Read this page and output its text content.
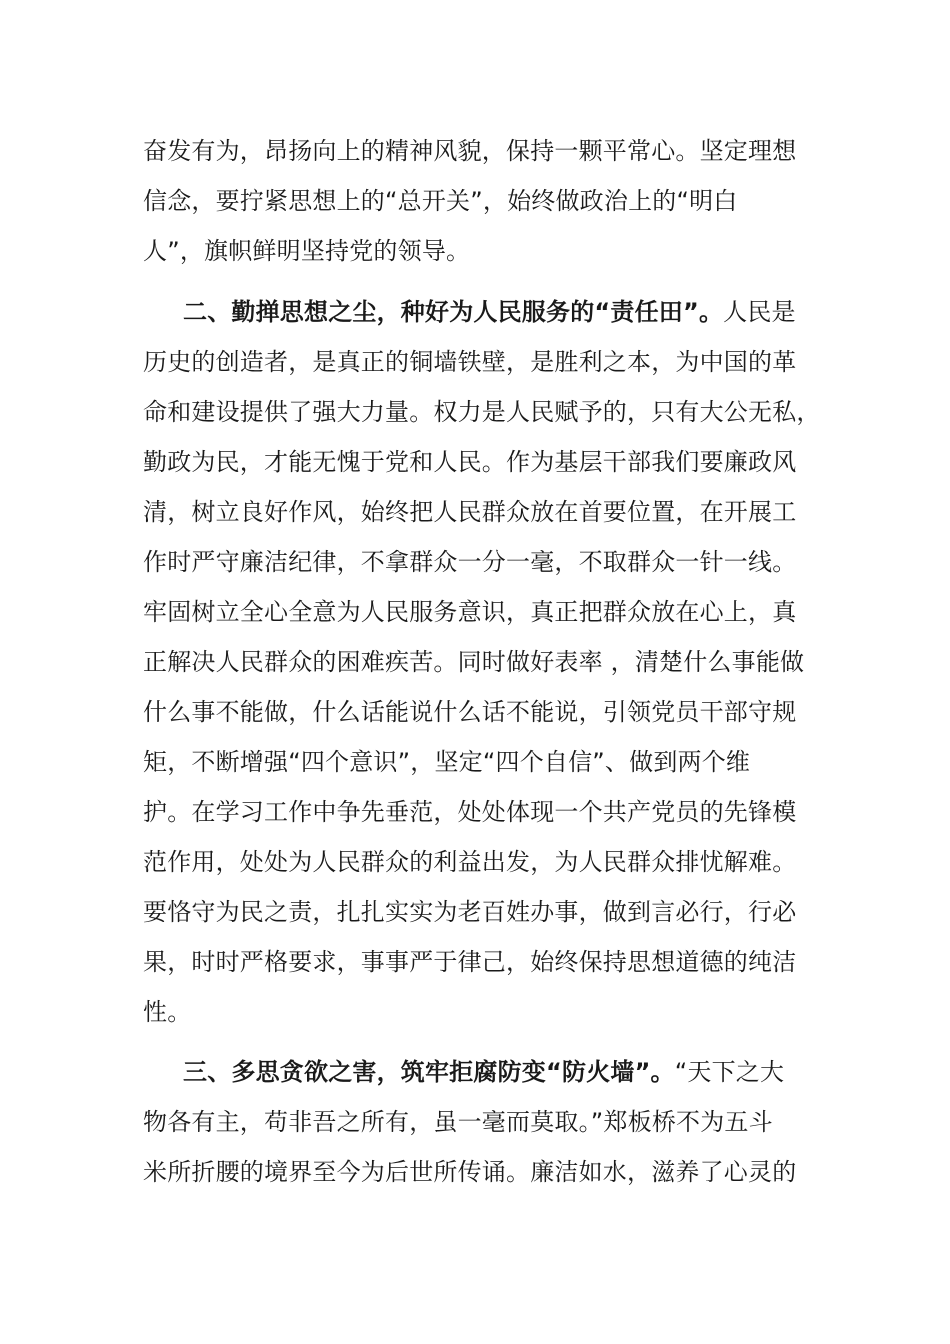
奋发有为，昂扬向上的精神风貌，保持一颗平常心。坚定理想
信念，要拧紧思想上的“总开关”，始终做政治上的“明白
人”，旗帜鲜明坚持党的领导。
二、勤掸思想之尘，种好为人民服务的“责任田”。人民是
历史的创造者，是真正的铜墙铁壁，是胜利之本，为中国的革
命和建设提供了强大力量。权力是人民赋予的，只有大公无私，
勤政为民，才能无愧于党和人民。作为基层干部我们要廉政风
清，树立良好作风，始终把人民群众放在首要位置，在开展工
作时严守廉洁纪律，不拿群众一分一毫，不取群众一针一线。
牢固树立全心全意为人民服务意识，真正把群众放在心上，真
正解决人民群众的困难疾苦。同时做好表率 ，清楚什么事能做
什么事不能做，什么话能说什么话不能说，引领党员干部守规
矩，不断增强“四个意识”，坚定“四个自信”、做到两个维
护。在学习工作中争先垂范，处处体现一个共产党员的先锋模
范作用，处处为人民群众的利益出发，为人民群众排忧解难。
要恪守为民之责，扎扎实实为老百姓办事，做到言必行，行必
果，时时严格要求，事事严于律己，始终保持思想道德的纯洁
性。
三、多思贪欲之害，筑牢拒腐防变“防火墙”。“天下之大
物各有主，苟非吾之所有，虽一毫而莫取。”郑板桥不为五斗
米所折腰的境界至今为后世所传诵。廉洁如水，滋养了心灵的
